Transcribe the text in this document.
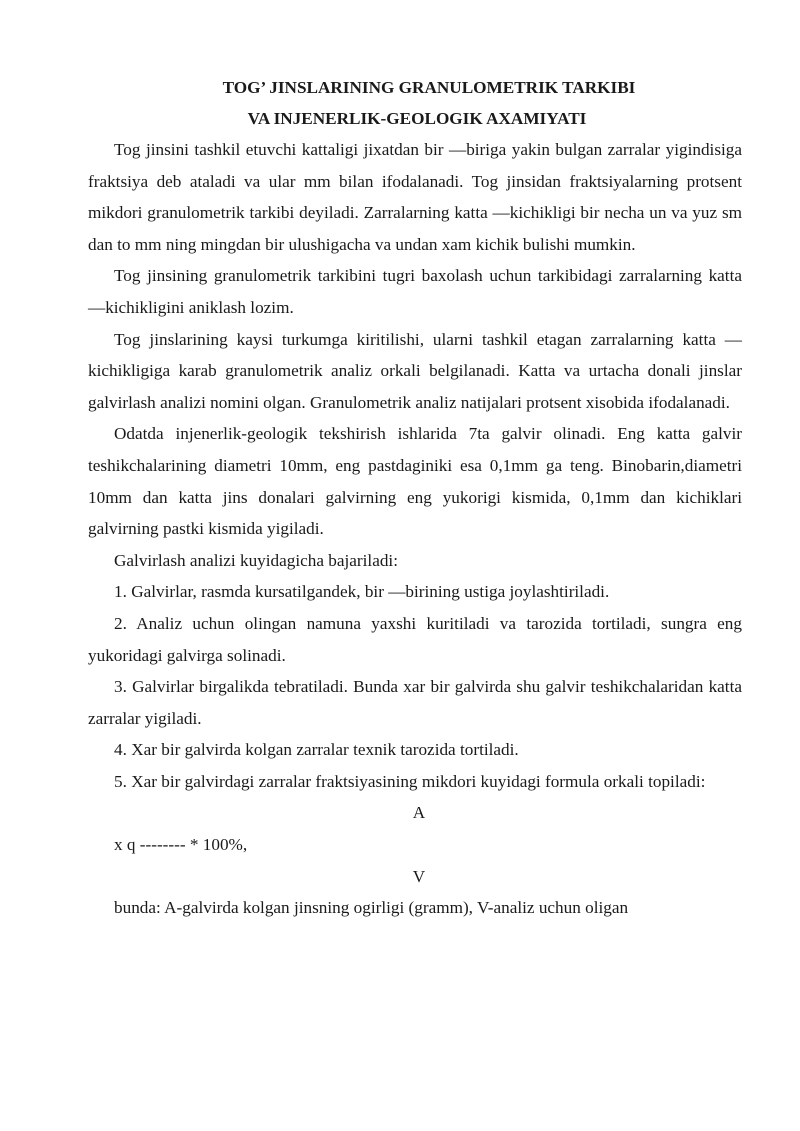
TOG’ JINSLARINING GRANULOMETRIK TARKIBI
VA INJENERLIK-GEOLOGIK AXAMIYATI

Tog jinsini tashkil etuvchi kattaligi jixatdan bir —biriga yakin bulgan zarralar yigindisiga fraktsiya deb ataladi va ular mm bilan ifodalanadi. Tog jinsidan fraktsiyalarning protsent mikdori granulometrik tarkibi deyiladi. Zarralarning katta —kichikligi bir necha un va yuz sm dan to mm ning mingdan bir ulushigacha va undan xam kichik bulishi mumkin.

Tog jinsining granulometrik tarkibini tugri baxolash uchun tarkibidagi zarralarning katta —kichikligini aniklash lozim.

Tog jinslarining kaysi turkumga kiritilishi, ularni tashkil etagan zarralarning katta —kichikligiga karab granulometrik analiz orkali belgilanadi. Katta va urtacha donali jinslar galvirlash analizi nomini olgan. Granulometrik analiz natijalari protsent xisobida ifodalanadi.

Odatda injenerlik-geologik tekshirish ishlarida 7ta galvir olinadi. Eng katta galvir teshikchalarining diametri 10mm, eng pastdaginiki esa 0,1mm ga teng. Binobarin,diametri 10mm dan katta jins donalari galvirning eng yukorigi kismida, 0,1mm dan kichiklari galvirning pastki kismida yigiladi.

Galvirlash analizi kuyidagicha bajariladi:

1. Galvirlar, rasmda kursatilgandek, bir —birining ustiga joylashtiriladi.

2. Analiz uchun olingan namuna yaxshi kuritiladi va tarozida tortiladi, sungra eng yukoridagi galvirga solinadi.

3. Galvirlar birgalikda tebratiladi. Bunda xar bir galvirda shu galvir teshikchalaridan katta zarralar yigiladi.

4. Xar bir galvirda kolgan zarralar texnik tarozida tortiladi.

5. Xar bir galvirdagi zarralar fraktsiyasining mikdori kuyidagi formula orkali topiladi:

A

x q -------- * 100%,

V

bunda: A-galvirda kolgan jinsning ogirligi (gramm), V-analiz uchun oligan
